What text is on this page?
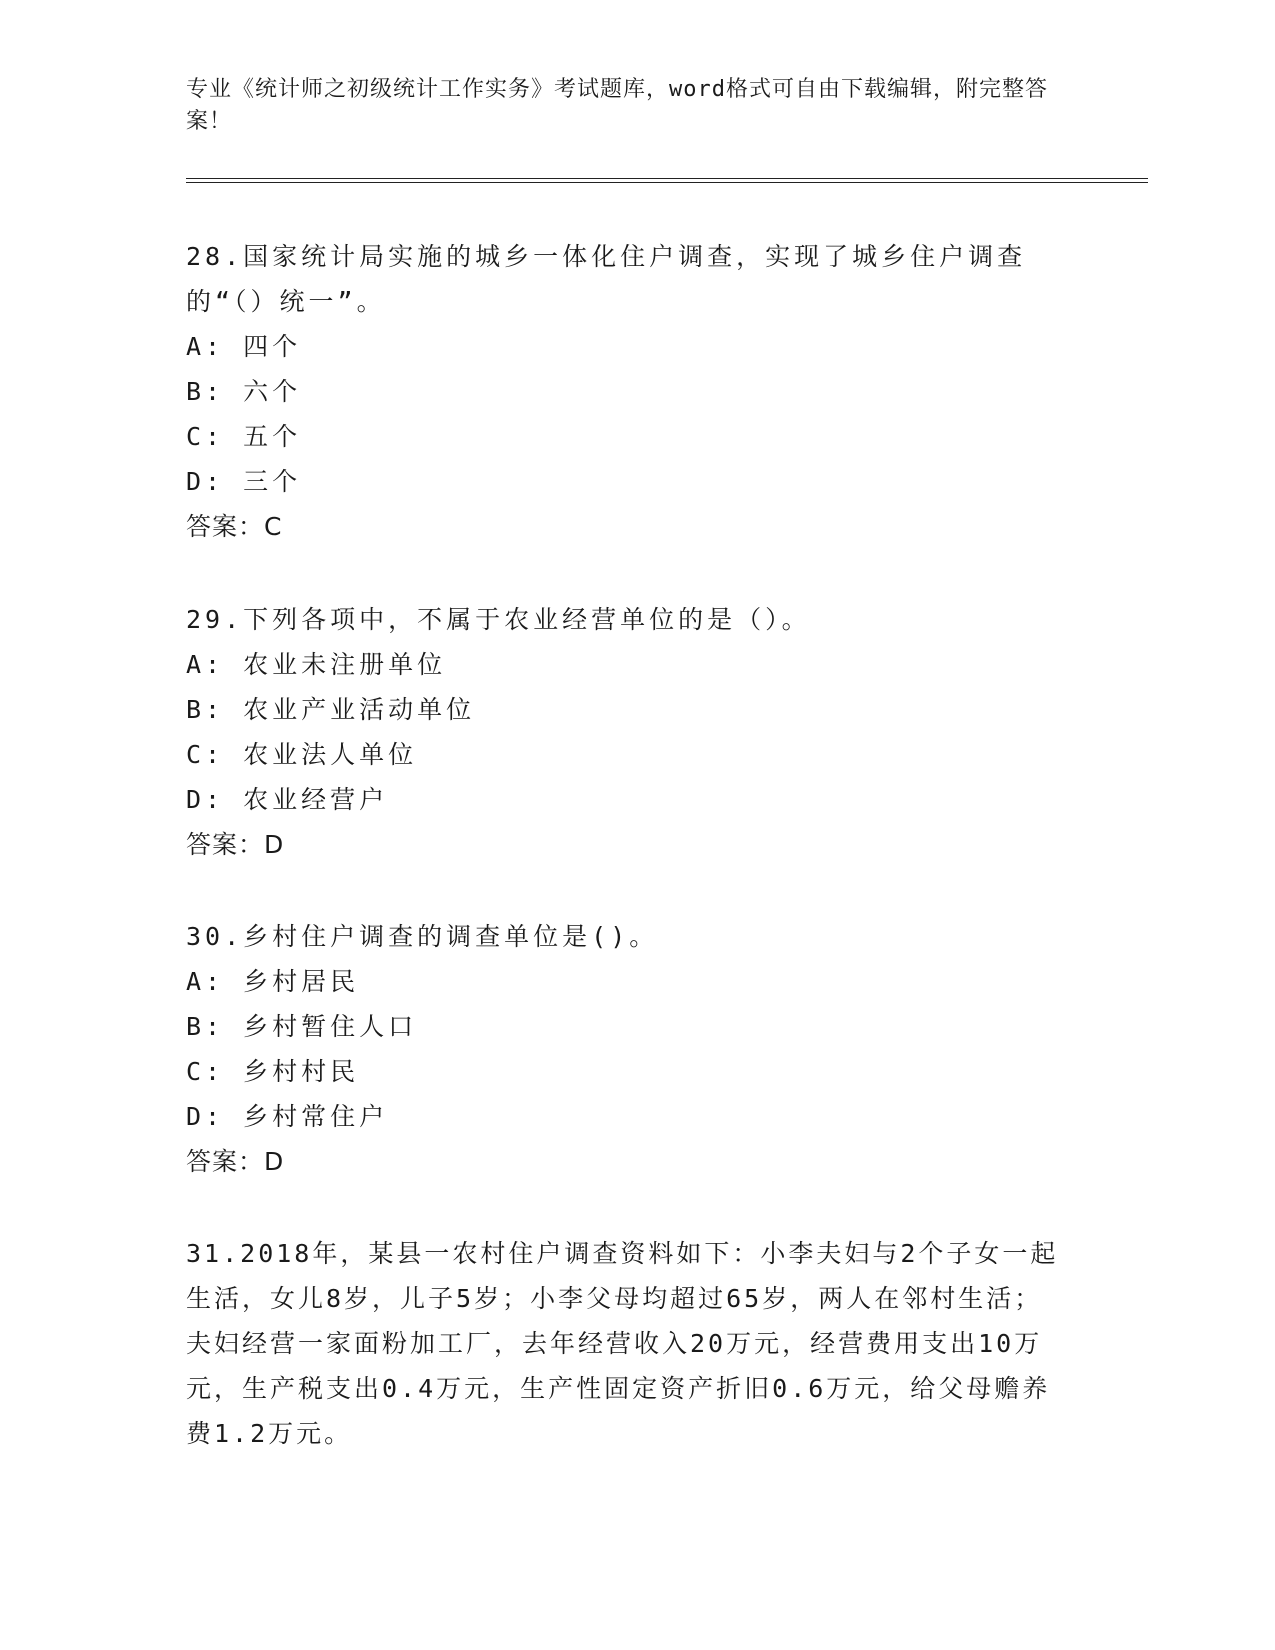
专业《统计师之初级统计工作实务》考试题库，word格式可自由下载编辑，附完整答案！

28.国家统计局实施的城乡一体化住户调查，实现了城乡住户调查的“（）统一”。

A: 四个

B: 六个

C: 五个

D: 三个

答案：C

29.下列各项中，不属于农业经营单位的是（）。

A: 农业未注册单位

B: 农业产业活动单位

C: 农业法人单位

D: 农业经营户

答案：D

30.乡村住户调查的调查单位是()。

A: 乡村居民

B: 乡村暂住人口

C: 乡村村民

D: 乡村常住户

答案：D

31.2018年，某县一农村住户调查资料如下：小李夫妇与2个子女一起生活，女儿8岁，儿子5岁；小李父母均超过65岁，两人在邻村生活；夫妇经营一家面粉加工厂，去年经营收入20万元，经营费用支出10万元，生产税支出0.4万元，生产性固定资产折旧0.6万元，给父母赡养费1.2万元。
